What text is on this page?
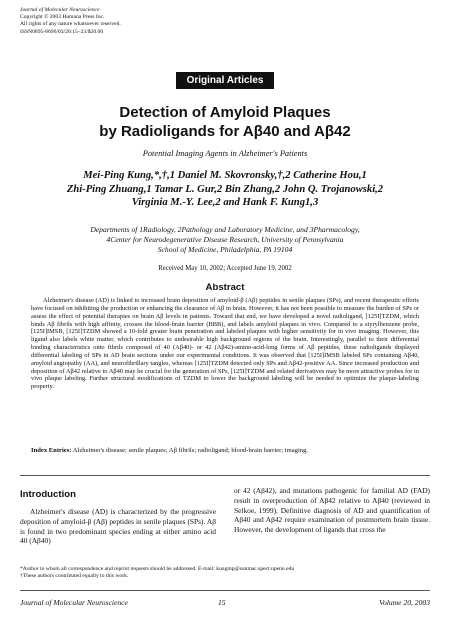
Journal of Molecular Neuroscience
Copyright © 2003 Humana Press Inc.
All rights of any nature whatsoever reserved.
ISSN0895-8696/03/20:15–23/$20.00
Original Articles
Detection of Amyloid Plaques
by Radioligands for Aβ40 and Aβ42
Potential Imaging Agents in Alzheimer's Patients
Mei-Ping Kung,*,†,1 Daniel M. Skovronsky,†,2 Catherine Hou,1
Zhi-Ping Zhuang,1 Tamar L. Gur,2 Bin Zhang,2 John Q. Trojanowski,2
Virginia M.-Y. Lee,2 and Hank F. Kung1,3
Departments of 1Radiology, 2Pathology and Laboratory Medicine, and 3Pharmacology,
4Center for Neurodegenerative Disease Research, University of Pennsylvania
School of Medicine, Philadelphia, PA 19104
Received May 10, 2002; Accepted June 19, 2002
Abstract
Alzheimer's disease (AD) is linked to increased brain deposition of amyloid-β (Aβ) peptides in senile plaques (SPs), and recent therapeutic efforts have focused on inhibiting the production or enhancing the clearance of Aβ in brain. However, it has not been possible to measure the burden of SPs or assess the effect of potential therapies on brain Aβ levels in patients. Toward that end, we have developed a novel radioligand, [125I]TZDM, which binds Aβ fibrils with high affinity, crosses the blood-brain barrier (BBB), and labels amyloid plaques in vivo. Compared to a styrylbenzene probe, [125I]IMSB, [125I]TZDM showed a 10-fold greater brain penetration and labeled plaques with higher sensitivity for in vivo imaging. However, this ligand also labels white matter, which contributes to undesirable high background regions of the brain. Interestingly, parallel to their differential binding characteristics onto fibrils composed of 40 (Aβ40)- or 42 (Aβ42)-amino-acid-long forms of Aβ peptides, these radioligands displayed differential labeling of SPs in AD brain sections under our experimental conditions. It was observed that [125I]IMSB labeled SPs containing Aβ40, amyloid angiopathy (AA), and neurofibrillary tangles, whereas [125I]TZDM detected only SPs and Aβ42-positive AA. Since increased production and deposition of Aβ42 relative to Aβ40 may be crucial for the generation of SPs, [125I]TZDM and related derivatives may be more attractive probes for in vivo plaque labeling. Further structural modifications of TZDM to lower the background labeling will be needed to optimize the plaque-labeling property.
Index Entries: Alzheimer's disease; senile plaques; Aβ fibrils; radioligand; blood-brain barrier; imaging.
Introduction
Alzheimer's disease (AD) is characterized by the progressive deposition of amyloid-β (Aβ) peptides in senile plaques (SPs). Aβ is found in two predominant species ending at either amino acid 40 (Aβ40)
or 42 (Aβ42), and mutations pathogenic for familial AD (FAD) result in overproduction of Aβ42 relative to Aβ40 (reviewed in Selkoe, 1999). Definitive diagnosis of AD and quantification of Aβ40 and Aβ42 require examination of postmortem brain tissue. However, the development of ligands that cross the
*Author to whom all correspondence and reprint requests should be addressed. E-mail: kungmp@sunmac.spect.upenn.edu
†These authors contributed equally to this work.
Journal of Molecular Neuroscience	15	Volume 20, 2003
